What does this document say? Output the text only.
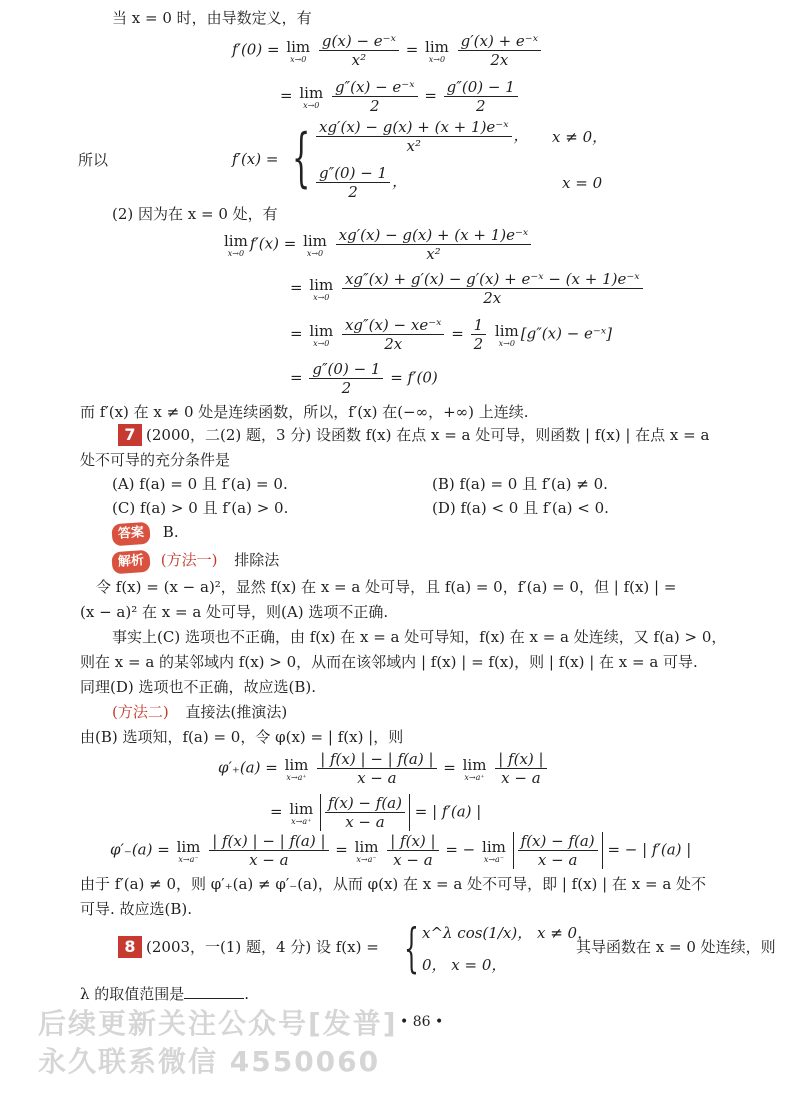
当 x = 0 时，由导数定义，有
f′(0) = lim
x→0
$\frac{\text{g(x) − e⁻ˣ}}{\text{x²}} = \lim$
x→0
$\frac{\text{g′(x) + e⁻ˣ}}{2x}$
= lim
x→0
$\frac{\text{g″(x) − e⁻ˣ}}{2} = \frac{g''(0) - 1}{2}$
所以	f′(x) = { $\frac{\text{xg′(x) − g(x) + (x + 1)e⁻ˣ}}{\text{x²}}$ ， x ≠ 0，
$\frac{g''(0) - 1}{2}$ ，	x = 0
(2) 因为在 x = 0 处，有
lim
x→0
f′(x) = lim
x→0
$\frac{\text{xg′(x) − g(x) + (x + 1)e⁻ˣ}}{\text{x²}}$
= lim
x→0
$\frac{\text{xg″(x) + g′(x) − g′(x) + e⁻ˣ − (x + 1)e⁻ˣ}}{2x}$
= lim
x→0
$\frac{\text{xg″(x) − xe⁻ˣ}}{2x} = \frac{1}{2}$ lim
x→0
[g″(x) − e⁻ˣ]
= $\frac{g''(0) - 1}{2} = f'(0)$
而 f′(x) 在 x ≠ 0 处是连续函数，所以，f′(x) 在(−∞，+∞) 上连续.
7 (2000，二(2) 题，3 分) 设函数 f(x) 在点 x = a 处可导，则函数 | f(x) | 在点 x = a
处不可导的充分条件是
(A) f(a) = 0 且 f′(a) = 0.	(B) f(a) = 0 且 f′(a) ≠ 0.
(C) f(a) > 0 且 f′(a) > 0.	(D) f(a) < 0 且 f′(a) < 0.
答案 B.
解析 (方法一) 排除法
令 f(x) = (x − a)²，显然 f(x) 在 x = a 处可导，且 f(a) = 0，f′(a) = 0，但 | f(x) | =
(x − a)² 在 x = a 处可导，则(A) 选项不正确.
事实上(C) 选项也不正确，由 f(x) 在 x = a 处可导知，f(x) 在 x = a 处连续，又 f(a) > 0，
则在 x = a 的某邻域内 f(x) > 0，从而在该邻域内 | f(x) | = f(x)，则 | f(x) | 在 x = a 可导.
同理(D) 选项也不正确，故应选(B).
(方法二) 直接法(推演法)
由(B) 选项知，f(a) = 0，令 φ(x) = | f(x) |，则
φ′₊(a) = lim
x→a⁺
$\frac{| f(x) | - | f(a) |}{x - a} = \lim$
x→a⁺
$\frac{| f(x) |}{x - a}$
= lim
x→a⁺
$\frac{f(x) - f(a)}{x - a}$ = | f′(a) |
φ′₋(a) = lim
x→a⁻
$\frac{| f(x) | - | f(a) |}{x - a} = \lim$
x→a⁻
$\frac{| f(x) |}{x - a}$ = − lim
x→a⁻
$\frac{f(x) - f(a)}{x - a}$ = − | f′(a) |
由于 f′(a) ≠ 0，则 φ′₊(a) ≠ φ′₋(a)，从而 φ(x) 在 x = a 处不可导，即 | f(x) | 在 x = a 处不
可导. 故应选(B).
8 (2003，一(1) 题，4 分) 设 f(x) = { x^λ cos(1/x)， x ≠ 0，
0， x = 0，
其导函数在 x = 0 处连续，则
λ 的取值范围是	.
• 86 •
后续更新关注公众号[发普]
永久联系微信 4550060
